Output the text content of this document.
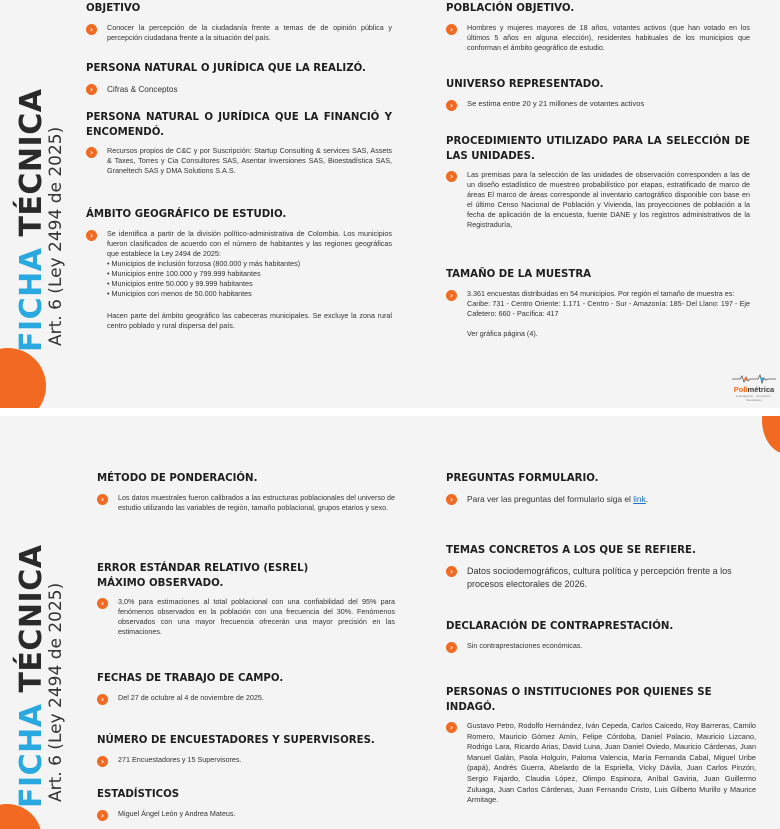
FICHA TÉCNICA
Art. 6 (Ley 2494 de 2025)
OBJETIVO
›	Conocer la percepción de la ciudadanía frente a temas de de opinión pública y percepción ciudadana frente a la situación del país.
PERSONA NATURAL O JURÍDICA QUE LA REALIZÓ.
›	Cifras & Conceptos
PERSONA NATURAL O JURÍDICA QUE LA FINANCIÓ Y ENCOMENDÓ.
›	Recursos propios de C&C y por Suscripción: Startup Consulting & services SAS, Assets & Taxes, Torres y Cia Consultores SAS, Asentar Inversiones SAS, Bioestadística SAS, Graneltech SAS y DMA Solutions S.A.S.
ÁMBITO GEOGRÁFICO DE ESTUDIO.
›	Se identifica a partir de la división político-administrativa de Colombia. Los municipios fueron clasificados de acuerdo con el número de habitantes y las regiones geográficas que establece la Ley 2494 de 2025:

• Municipios de inclusión forzosa (800.000 y más habitantes)
• Municipios entre 100.000 y 799.999 habitantes
• Municipios entre 50.000 y 99.999 habitantes
• Municipios con menos de 50.000 habitantes

Hacen parte del ámbito geográfico las cabeceras municipales. Se excluye la zona rural centro poblado y rural dispersa del país.

POBLACIÓN OBJETIVO.
›	Hombres y mujeres mayores de 18 años, votantes activos (que han votado en los últimos 5 años en alguna elección), residentes habituales de los municipios que conforman el ámbito geográfico de estudio.
UNIVERSO REPRESENTADO.
›	Se estima entre 20 y 21 millones de votantes activos
PROCEDIMIENTO UTILIZADO PARA LA SELECCIÓN DE LAS UNIDADES.
›	Las premisas para la selección de las unidades de observación corresponden a las de un diseño estadístico de muestreo probabilístico por etapas, estratificado de marco de áreas El marco de áreas corresponde al inventario cartográfico disponible con base en el último Censo Nacional de Población y Vivienda, las proyecciones de población a la fecha de aplicación de la encuesta, fuente DANE y los registros administrativos de la Registraduría,
TAMAÑO DE LA MUESTRA
›	3.361 encuestas distribuidas en 54 municipios. Por región el tamaño de muestra es:

Caribe: 731 - Centro Oriente: 1.171 - Centro - Sur - Amazonía: 185- Del Llano: 197 - Eje Cafetero: 660 - Pacífica: 417

Ver gráfica página (4).

Polimétrica
Investigación · Innovación · Resultados
FICHA TÉCNICA
Art. 6 (Ley 2494 de 2025)
MÉTODO DE PONDERACIÓN.
›	Los datos muestrales fueron calibrados a las estructuras poblacionales del universo de estudio utilizando las variables de región, tamaño poblacional, grupos etarios y sexo.
ERROR ESTÁNDAR RELATIVO (ESREL) MÁXIMO OBSERVADO.
›	3,0% para estimaciones al total poblacional con una confiabilidad del 95% para fenómenos observados en la población con una frecuencia del 30%. Fenómenos observados con una mayor frecuencia ofrecerán una mayor precisión en las estimaciones.
FECHAS DE TRABAJO DE CAMPO.
›	Del 27 de octubre al 4 de noviembre de 2025.
NÚMERO DE ENCUESTADORES Y SUPERVISORES.
›	271 Encuestadores y 15 Supervisores.
ESTADÍSTICOS
›	Miguel Ángel León y Andrea Mateus.
PREGUNTAS FORMULARIO.
›	Para ver las preguntas del formulario siga el link.
TEMAS CONCRETOS A LOS QUE SE REFIERE.
›	Datos sociodemográficos, cultura política y percepción frente a los procesos electorales de 2026.
DECLARACIÓN DE CONTRAPRESTACIÓN.
›	Sin contraprestaciones económicas.
PERSONAS O INSTITUCIONES POR QUIENES SE INDAGÓ.
›	Gustavo Petro, Rodolfo Hernández, Iván Cepeda, Carlos Caicedo, Roy Barreras, Camilo Romero, Mauricio Gómez Amín, Felipe Córdoba, Daniel Palacio, Mauricio Lizcano, Rodrigo Lara, Ricardo Arias, David Luna, Juan Daniel Oviedo, Mauricio Cárdenas, Juan Manuel Galán, Paola Holguín, Paloma Valencia, María Fernanda Cabal, Miguel Uribe (papá), Andrés Guerra, Abelardo de la Espriella, Vicky Dávila, Juan Carlos Pinzón, Sergio Fajardo, Claudia López, Olimpo Espinoza, Aníbal Gaviria, Juan Guillermo Zuluaga, Juan Carlos Cárdenas, Juan Fernando Cristo, Luis Gilberto Murillo y Maurice Armitage.
